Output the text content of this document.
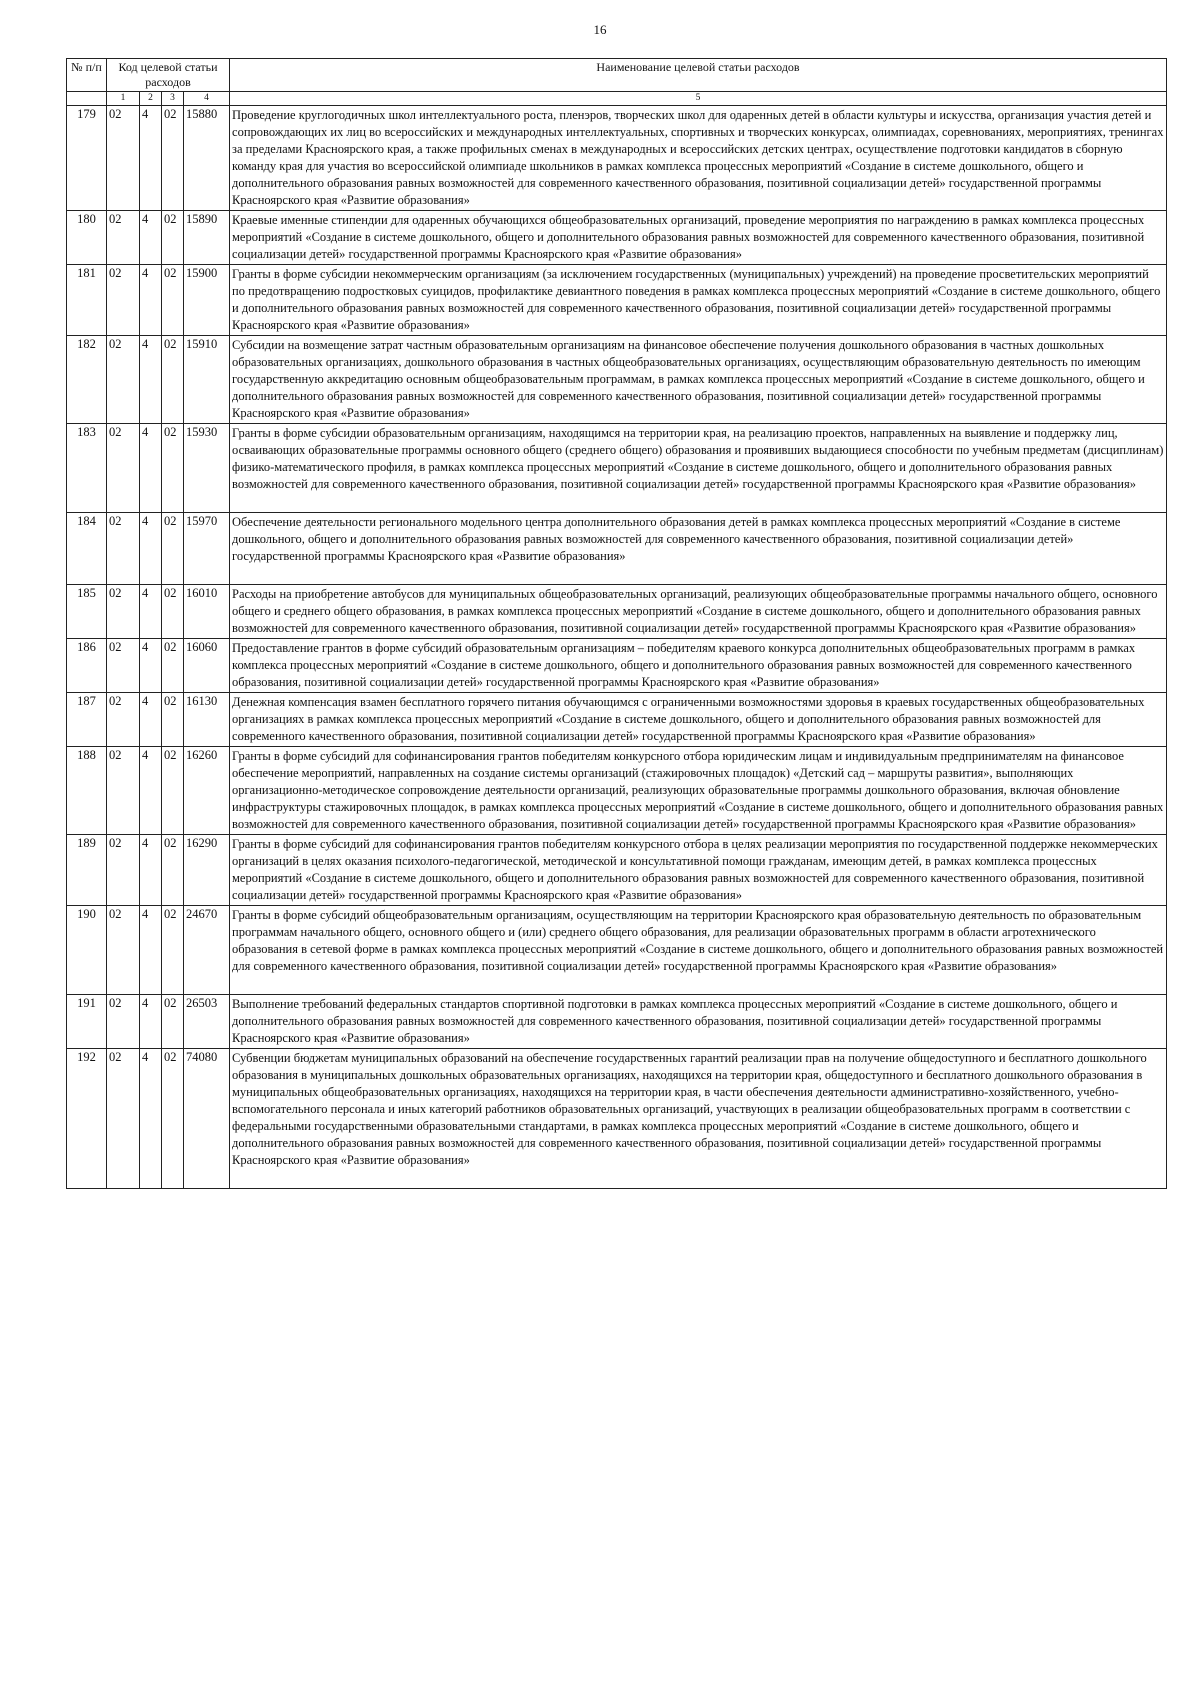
16
№ п/п	Код целевой статьи расходов				Наименование целевой статьи расходов

	1	2	3	4	5
179	02	4	02	15880	Проведение круглогодичных школ интеллектуального роста, пленэров, творческих школ для одаренных детей в области культуры и искусства, организация участия детей и сопровождающих их лиц во всероссийских и международных интеллектуальных, спортивных и творческих конкурсах, олимпиадах, соревнованиях, мероприятиях, тренингах за пределами Красноярского края, а также профильных сменах в международных и всероссийских детских центрах, осуществление подготовки кандидатов в сборную команду края для участия во всероссийской олимпиаде школьников в рамках комплекса процессных мероприятий «Создание в системе дошкольного, общего и дополнительного образования равных возможностей для современного качественного образования, позитивной социализации детей» государственной программы Красноярского края «Развитие образования»
180	02	4	02	15890	Краевые именные стипендии для одаренных обучающихся общеобразовательных организаций, проведение мероприятия по награждению в рамках комплекса процессных мероприятий «Создание в системе дошкольного, общего и дополнительного образования равных возможностей для современного качественного образования, позитивной социализации детей» государственной программы Красноярского края «Развитие образования»
181	02	4	02	15900	Гранты в форме субсидии некоммерческим организациям (за исключением государственных (муниципальных) учреждений) на проведение просветительских мероприятий по предотвращению подростковых суицидов, профилактике девиантного поведения в рамках комплекса процессных мероприятий «Создание в системе дошкольного, общего и дополнительного образования равных возможностей для современного качественного образования, позитивной социализации детей» государственной программы Красноярского края «Развитие образования»
182	02	4	02	15910	Субсидии на возмещение затрат частным образовательным организациям на финансовое обеспечение получения дошкольного образования в частных дошкольных образовательных организациях, дошкольного образования в частных общеобразовательных организациях, осуществляющим образовательную деятельность по имеющим государственную аккредитацию основным общеобразовательным программам, в рамках комплекса процессных мероприятий «Создание в системе дошкольного, общего и дополнительного образования равных возможностей для современного качественного образования, позитивной социализации детей» государственной программы Красноярского края «Развитие образования»
183	02	4	02	15930	Гранты в форме субсидии образовательным организациям, находящимся на территории края, на реализацию проектов, направленных на выявление и поддержку лиц, осваивающих образовательные программы основного общего (среднего общего) образования и проявивших выдающиеся способности по учебным предметам (дисциплинам) физико-математического профиля, в рамках комплекса процессных мероприятий «Создание в системе дошкольного, общего и дополнительного образования равных возможностей для современного качественного образования, позитивной социализации детей» государственной программы Красноярского края «Развитие образования»

184	02	4	02	15970	Обеспечение деятельности регионального модельного центра дополнительного образования детей в рамках комплекса процессных мероприятий «Создание в системе дошкольного, общего и дополнительного образования равных возможностей для современного качественного образования, позитивной социализации детей» государственной программы Красноярского края «Развитие образования»

185	02	4	02	16010	Расходы на приобретение автобусов для муниципальных общеобразовательных организаций, реализующих общеобразовательные программы начального общего, основного общего и среднего общего образования, в рамках комплекса процессных мероприятий «Создание в системе дошкольного, общего и дополнительного образования равных возможностей для современного качественного образования, позитивной социализации детей» государственной программы Красноярского края «Развитие образования»
186	02	4	02	16060	Предоставление грантов в форме субсидий образовательным организациям – победителям краевого конкурса дополнительных общеобразовательных программ в рамках комплекса процессных мероприятий «Создание в системе дошкольного, общего и дополнительного образования равных возможностей для современного качественного образования, позитивной социализации детей» государственной программы Красноярского края «Развитие образования»
187	02	4	02	16130	Денежная компенсация взамен бесплатного горячего питания обучающимся с ограниченными возможностями здоровья в краевых государственных общеобразовательных организациях в рамках комплекса процессных мероприятий «Создание в системе дошкольного, общего и дополнительного образования равных возможностей для современного качественного образования, позитивной социализации детей» государственной программы Красноярского края «Развитие образования»
188	02	4	02	16260	Гранты в форме субсидий для софинансирования грантов победителям конкурсного отбора юридическим лицам и индивидуальным предпринимателям на финансовое обеспечение мероприятий, направленных на создание системы организаций (стажировочных площадок) «Детский сад – маршруты развития», выполняющих организационно-методическое сопровождение деятельности организаций, реализующих образовательные программы дошкольного образования, включая обновление инфраструктуры стажировочных площадок, в рамках комплекса процессных мероприятий «Создание в системе дошкольного, общего и дополнительного образования равных возможностей для современного качественного образования, позитивной социализации детей» государственной программы Красноярского края «Развитие образования»
189	02	4	02	16290	Гранты в форме субсидий для софинансирования грантов победителям конкурсного отбора в целях реализации мероприятия по государственной поддержке некоммерческих организаций в целях оказания психолого-педагогической, методической и консультативной помощи гражданам, имеющим детей, в рамках комплекса процессных мероприятий «Создание в системе дошкольного, общего и дополнительного образования равных возможностей для современного качественного образования, позитивной социализации детей» государственной программы Красноярского края «Развитие образования»
190	02	4	02	24670	Гранты в форме субсидий общеобразовательным организациям, осуществляющим на территории Красноярского края образовательную деятельность по образовательным программам начального общего, основного общего и (или) среднего общего образования, для реализации образовательных программ в области агротехнического образования в сетевой форме в рамках комплекса процессных мероприятий «Создание в системе дошкольного, общего и дополнительного образования равных возможностей для современного качественного образования, позитивной социализации детей» государственной программы Красноярского края «Развитие образования»

191	02	4	02	26503	Выполнение требований федеральных стандартов спортивной подготовки в рамках комплекса процессных мероприятий «Создание в системе дошкольного, общего и дополнительного образования равных возможностей для современного качественного образования, позитивной социализации детей» государственной программы Красноярского края «Развитие образования»
192	02	4	02	74080	Субвенции бюджетам муниципальных образований на обеспечение государственных гарантий реализации прав на получение общедоступного и бесплатного дошкольного образования в муниципальных дошкольных образовательных организациях, находящихся на территории края, общедоступного и бесплатного дошкольного образования в муниципальных общеобразовательных организациях, находящихся на территории края, в части обеспечения деятельности административно-хозяйственного, учебно-вспомогательного персонала и иных категорий работников образовательных организаций, участвующих в реализации общеобразовательных программ в соответствии с федеральными государственными образовательными стандартами, в рамках комплекса процессных мероприятий «Создание в системе дошкольного, общего и дополнительного образования равных возможностей для современного качественного образования, позитивной социализации детей» государственной программы Красноярского края «Развитие образования»
